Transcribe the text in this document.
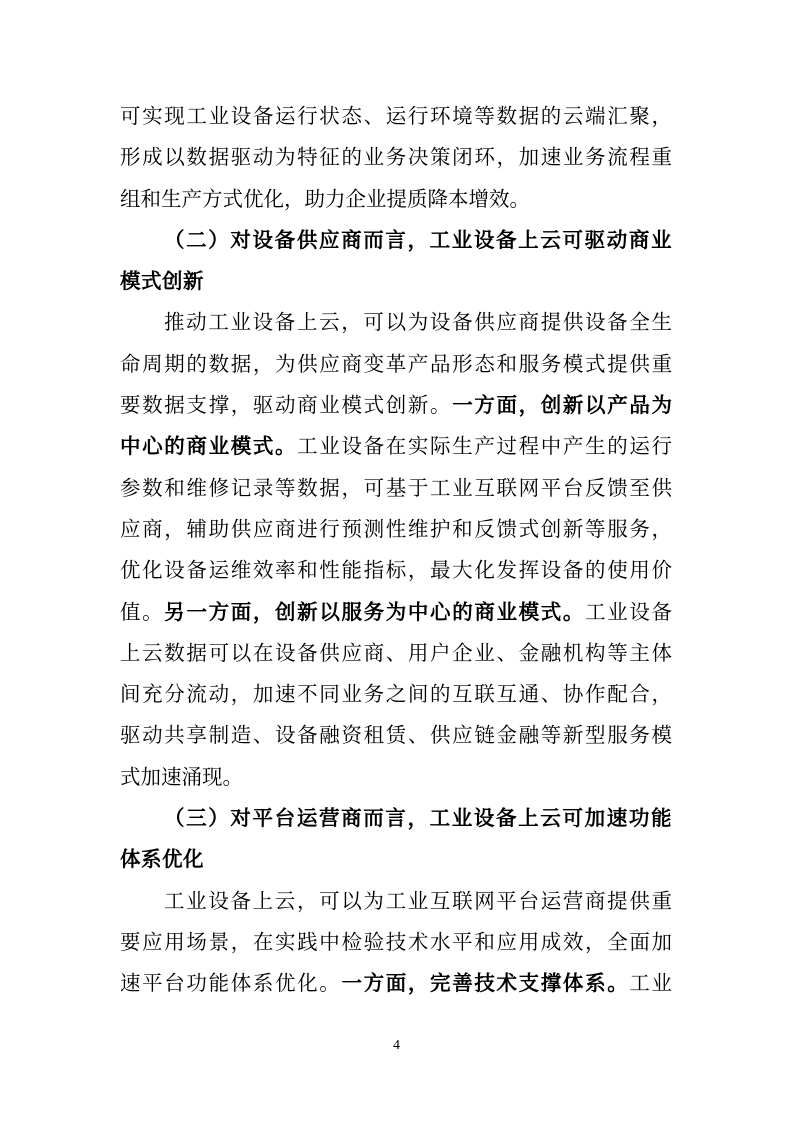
可实现工业设备运行状态、运行环境等数据的云端汇聚，
形成以数据驱动为特征的业务决策闭环，加速业务流程重
组和生产方式优化，助力企业提质降本增效。
（二）对设备供应商而言，工业设备上云可驱动商业
模式创新
推动工业设备上云，可以为设备供应商提供设备全生
命周期的数据，为供应商变革产品形态和服务模式提供重
要数据支撑，驱动商业模式创新。一方面，创新以产品为
中心的商业模式。工业设备在实际生产过程中产生的运行
参数和维修记录等数据，可基于工业互联网平台反馈至供
应商，辅助供应商进行预测性维护和反馈式创新等服务，
优化设备运维效率和性能指标，最大化发挥设备的使用价
值。另一方面，创新以服务为中心的商业模式。工业设备
上云数据可以在设备供应商、用户企业、金融机构等主体
间充分流动，加速不同业务之间的互联互通、协作配合，
驱动共享制造、设备融资租赁、供应链金融等新型服务模
式加速涌现。
（三）对平台运营商而言，工业设备上云可加速功能
体系优化
工业设备上云，可以为工业互联网平台运营商提供重
要应用场景，在实践中检验技术水平和应用成效，全面加
速平台功能体系优化。一方面，完善技术支撑体系。工业
4
